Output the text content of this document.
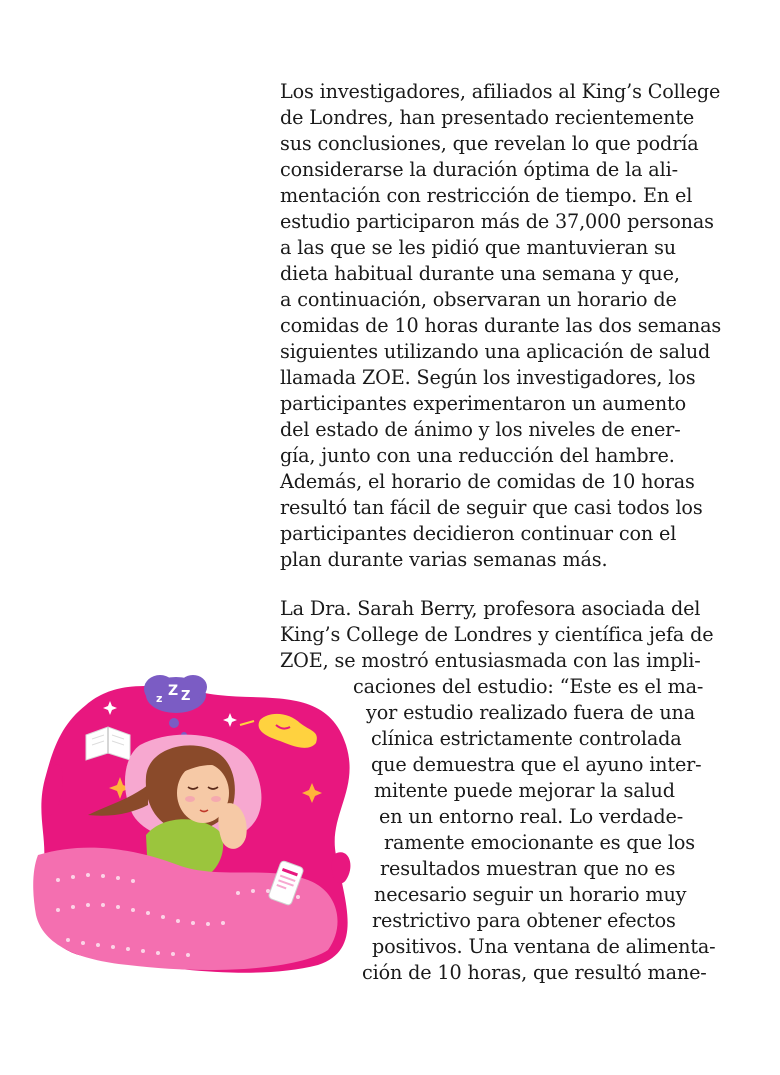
Los investigadores, afiliados al King’s College
de Londres, han presentado recientemente
sus conclusiones, que revelan lo que podría
considerarse la duración óptima de la ali-
mentación con restricción de tiempo. En el
estudio participaron más de 37,000 personas
a las que se les pidió que mantuvieran su
dieta habitual durante una semana y que,
a continuación, observaran un horario de
comidas de 10 horas durante las dos semanas
siguientes utilizando una aplicación de salud
llamada ZOE. Según los investigadores, los
participantes experimentaron un aumento
del estado de ánimo y los niveles de ener-
gía, junto con una reducción del hambre.
Además, el horario de comidas de 10 horas
resultó tan fácil de seguir que casi todos los
participantes decidieron continuar con el
plan durante varias semanas más.
La Dra. Sarah Berry, profesora asociada del
King’s College de Londres y científica jefa de
ZOE, se mostró entusiasmada con las impli-
caciones del estudio: “Este es el ma-
yor estudio realizado fuera de una
clínica estrictamente controlada
que demuestra que el ayuno inter-
mitente puede mejorar la salud
en un entorno real. Lo verdade-
ramente emocionante es que los
resultados muestran que no es
necesario seguir un horario muy
restrictivo para obtener efectos
positivos. Una ventana de alimenta-
ción de 10 horas, que resultó mane-
z Z Z
